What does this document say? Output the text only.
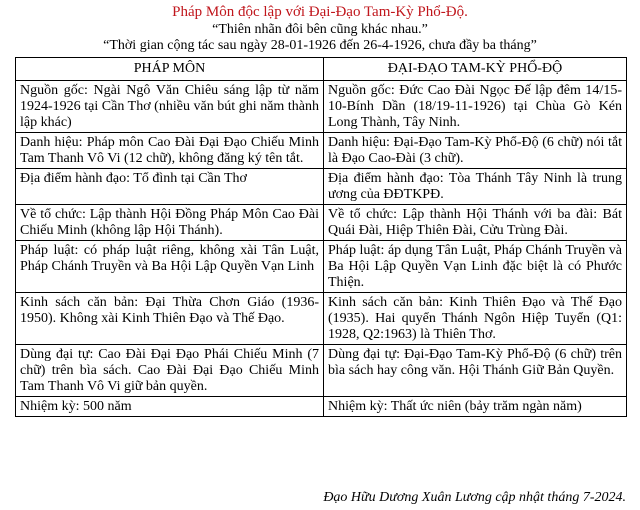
Pháp Môn độc lập với Đại-Đạo Tam-Kỳ Phổ-Độ.
“Thiên nhãn đôi bên cũng khác nhau.”
“Thời gian cộng tác sau ngày 28-01-1926 đến 26-4-1926, chưa đầy ba tháng”
PHÁP MÔN	ĐẠI-ĐẠO TAM-KỲ PHỔ-ĐỘ
Nguồn gốc: Ngài Ngô Văn Chiêu sáng lập từ năm 1924-1926 tại Cần Thơ (nhiều văn bút ghi năm thành lập khác)	Nguồn gốc: Đức Cao Đài Ngọc Đế lập đêm 14/15-10-Bính Dần (18/19-11-1926) tại Chùa Gò Kén Long Thành, Tây Ninh.
Danh hiệu: Pháp môn Cao Đài Đại Đạo Chiếu Minh Tam Thanh Vô Vi (12 chữ), không đăng ký tên tắt.	Danh hiệu: Đại-Đạo Tam-Kỳ Phổ-Độ (6 chữ) nói tắt là Đạo Cao-Đài (3 chữ).
Địa điểm hành đạo: Tổ đình tại Cần Thơ	Địa điểm hành đạo: Tòa Thánh Tây Ninh là trung ương của ĐĐTKPĐ.
Về tổ chức: Lập thành Hội Đồng Pháp Môn Cao Đài Chiếu Minh (không lập Hội Thánh).	Về tổ chức: Lập thành Hội Thánh với ba đài: Bát Quái Đài, Hiệp Thiên Đài, Cửu Trùng Đài.
Pháp luật: có pháp luật riêng, không xài Tân Luật, Pháp Chánh Truyền và Ba Hội Lập Quyền Vạn Linh	Pháp luật: áp dụng Tân Luật, Pháp Chánh Truyền và Ba Hội Lập Quyền Vạn Linh đặc biệt là có Phước Thiện.
Kinh sách căn bản: Đại Thừa Chơn Giáo (1936-1950). Không xài Kinh Thiên Đạo và Thế Đạo.	Kinh sách căn bản: Kinh Thiên Đạo và Thế Đạo (1935). Hai quyển Thánh Ngôn Hiệp Tuyển (Q1: 1928, Q2:1963) là Thiên Thơ.
Dùng đại tự: Cao Đài Đại Đạo Phái Chiếu Minh (7 chữ) trên bìa sách. Cao Đài Đại Đạo Chiếu Minh Tam Thanh Vô Vi giữ bản quyền.	Dùng đại tự: Đại-Đạo Tam-Kỳ Phổ-Độ (6 chữ) trên bìa sách hay công văn. Hội Thánh Giữ Bản Quyền.
Nhiệm kỳ: 500 năm	Nhiệm kỳ: Thất ức niên (bảy trăm ngàn năm)
Đạo Hữu Dương Xuân Lương cập nhật tháng 7-2024.
